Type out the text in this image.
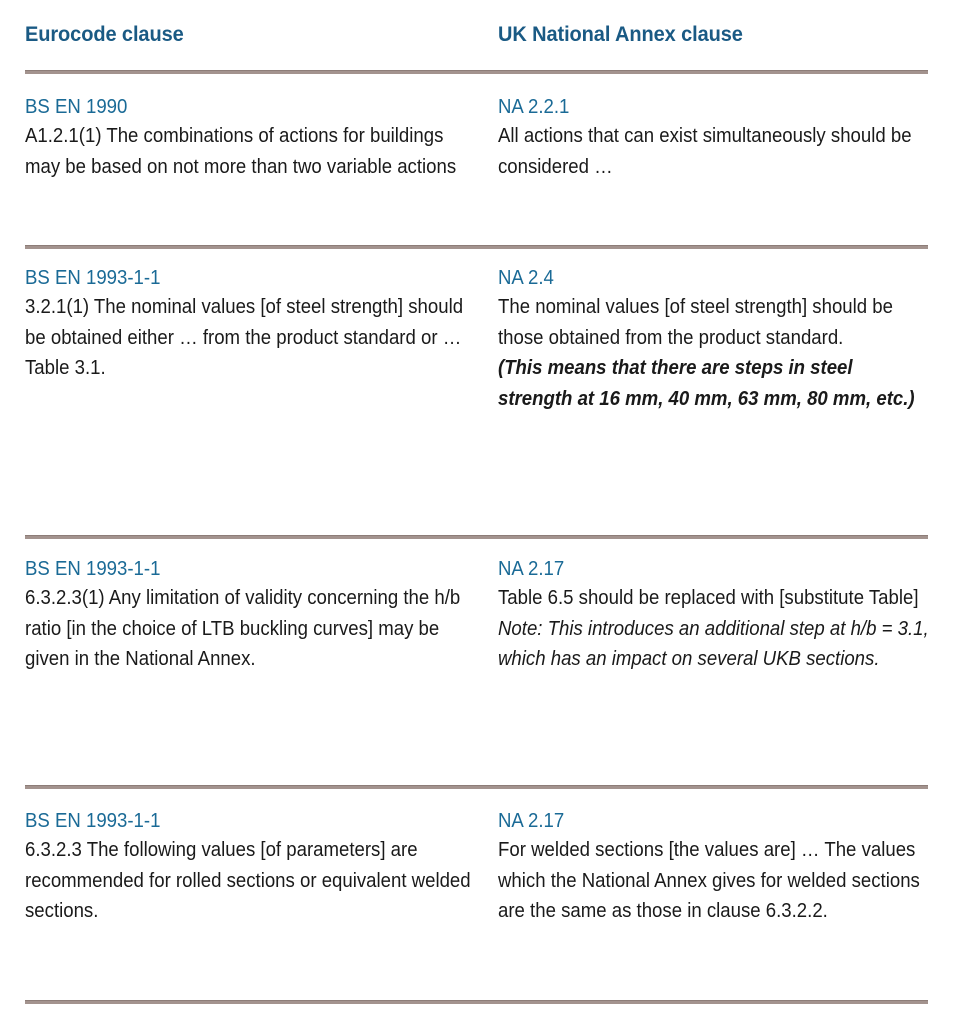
Eurocode clause	UK National Annex clause
BS EN 1990
A1.2.1(1) The combinations of actions for buildings may be based on not more than two variable actions
NA 2.2.1
All actions that can exist simultaneously should be considered …
BS EN 1993-1-1
3.2.1(1) The nominal values [of steel strength] should be obtained either … from the product standard or … Table 3.1.
NA 2.4
The nominal values [of steel strength] should be those obtained from the product standard.
(This means that there are steps in steel strength at 16 mm, 40 mm, 63 mm, 80 mm, etc.)
BS EN 1993-1-1
6.3.2.3(1) Any limitation of validity concerning the h/b ratio [in the choice of LTB buckling curves] may be given in the National Annex.
NA 2.17
Table 6.5 should be replaced with [substitute Table]
Note: This introduces an additional step at h/b = 3.1, which has an impact on several UKB sections.
BS EN 1993-1-1
6.3.2.3 The following values [of parameters] are recommended for rolled sections or equivalent welded sections.
NA 2.17
For welded sections [the values are] … The values which the National Annex gives for welded sections are the same as those in clause 6.3.2.2.
